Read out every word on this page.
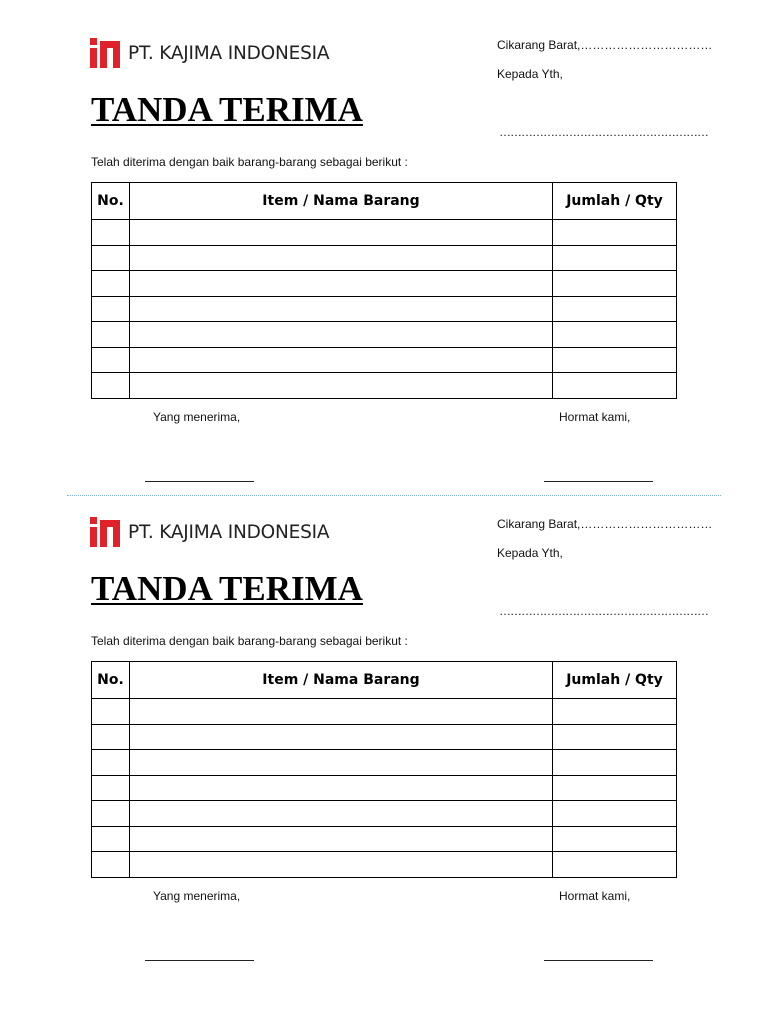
PT. KAJIMA INDONESIA	Cikarang Barat,……………………………
Kepada Yth,
…………………………………………………
TANDA TERIMA
Telah diterima dengan baik barang-barang sebagai berikut :
No.	Item / Nama Barang	Jumlah / Qty

Yang menerima,	Hormat kami,
PT. KAJIMA INDONESIA	Cikarang Barat,……………………………
Kepada Yth,
…………………………………………………
TANDA TERIMA
Telah diterima dengan baik barang-barang sebagai berikut :
No.	Item / Nama Barang	Jumlah / Qty

Yang menerima,	Hormat kami,
